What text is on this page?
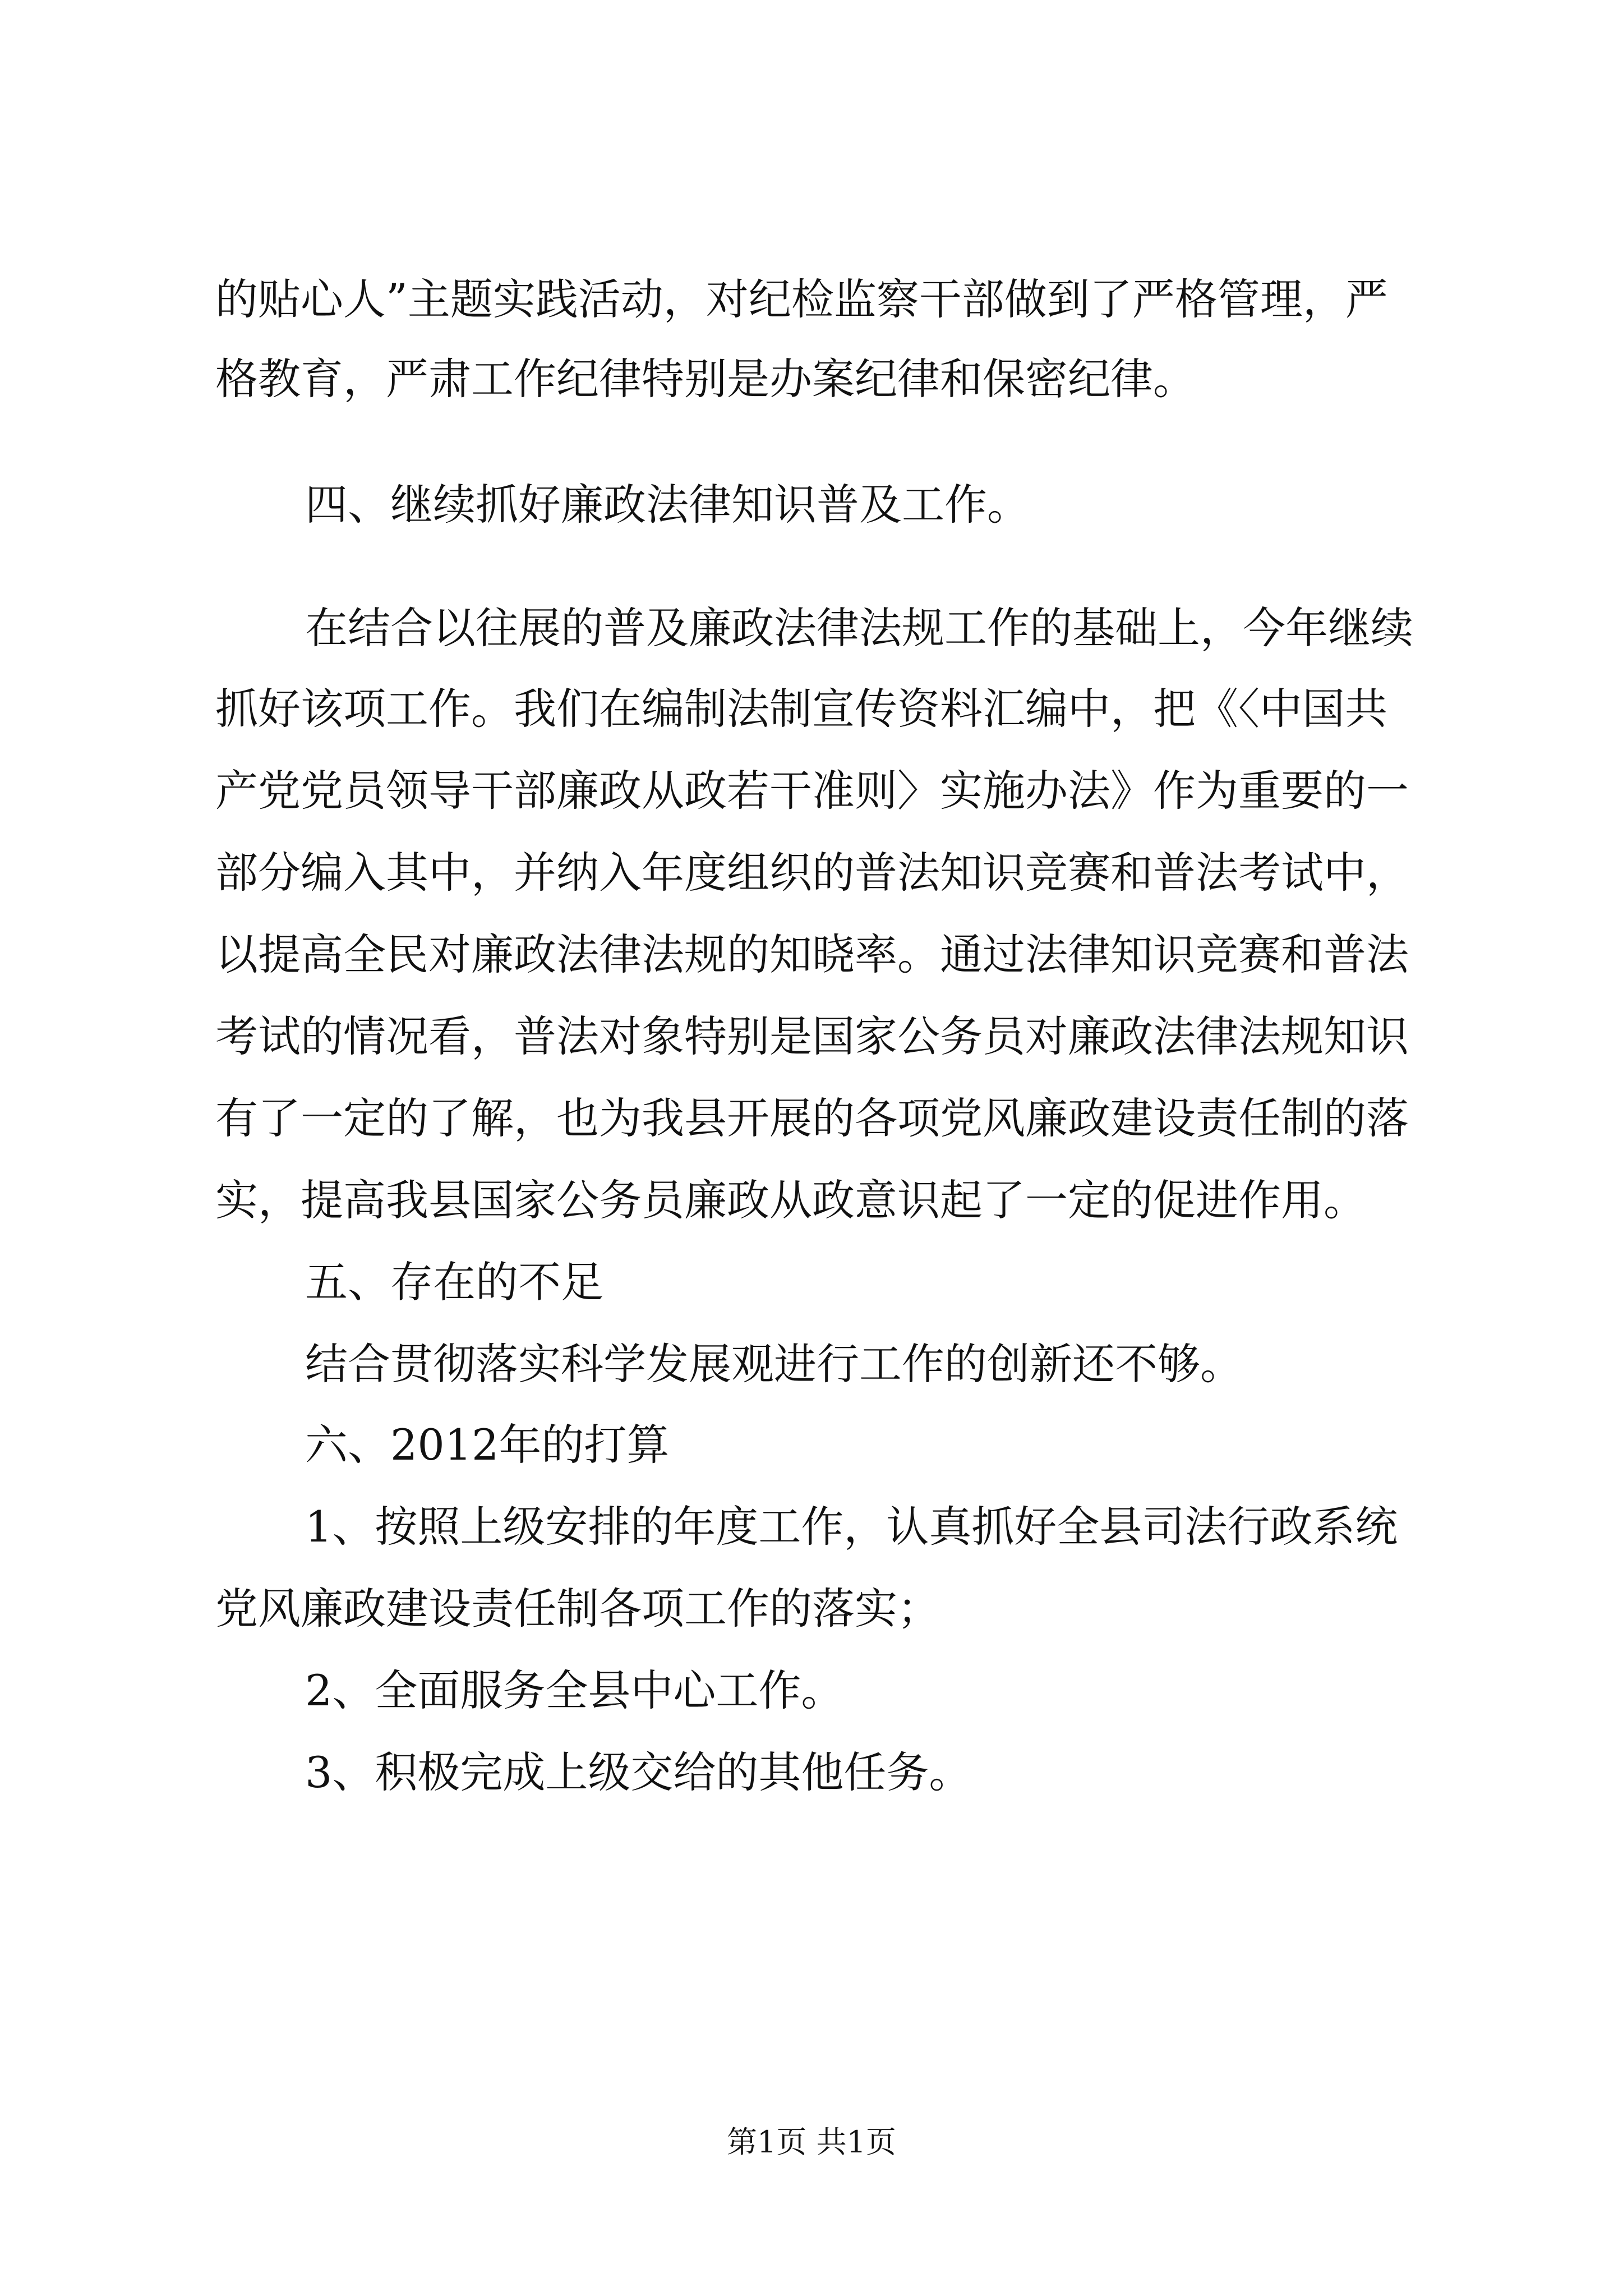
的贴心人”主题实践活动，对纪检监察干部做到了严格管理，严
格教育，严肃工作纪律特别是办案纪律和保密纪律。
四、继续抓好廉政法律知识普及工作。
在结合以往展的普及廉政法律法规工作的基础上，今年继续
抓好该项工作。我们在编制法制宣传资料汇编中，把《〈中国共
产党党员领导干部廉政从政若干准则〉实施办法》作为重要的一
部分编入其中，并纳入年度组织的普法知识竞赛和普法考试中，
以提高全民对廉政法律法规的知晓率。通过法律知识竞赛和普法
考试的情况看，普法对象特别是国家公务员对廉政法律法规知识
有了一定的了解，也为我县开展的各项党风廉政建设责任制的落
实，提高我县国家公务员廉政从政意识起了一定的促进作用。
五、存在的不足
结合贯彻落实科学发展观进行工作的创新还不够。
六、2012年的打算
1、按照上级安排的年度工作，认真抓好全县司法行政系统
党风廉政建设责任制各项工作的落实；
2、全面服务全县中心工作。
3、积极完成上级交给的其他任务。
第1页 共1页
